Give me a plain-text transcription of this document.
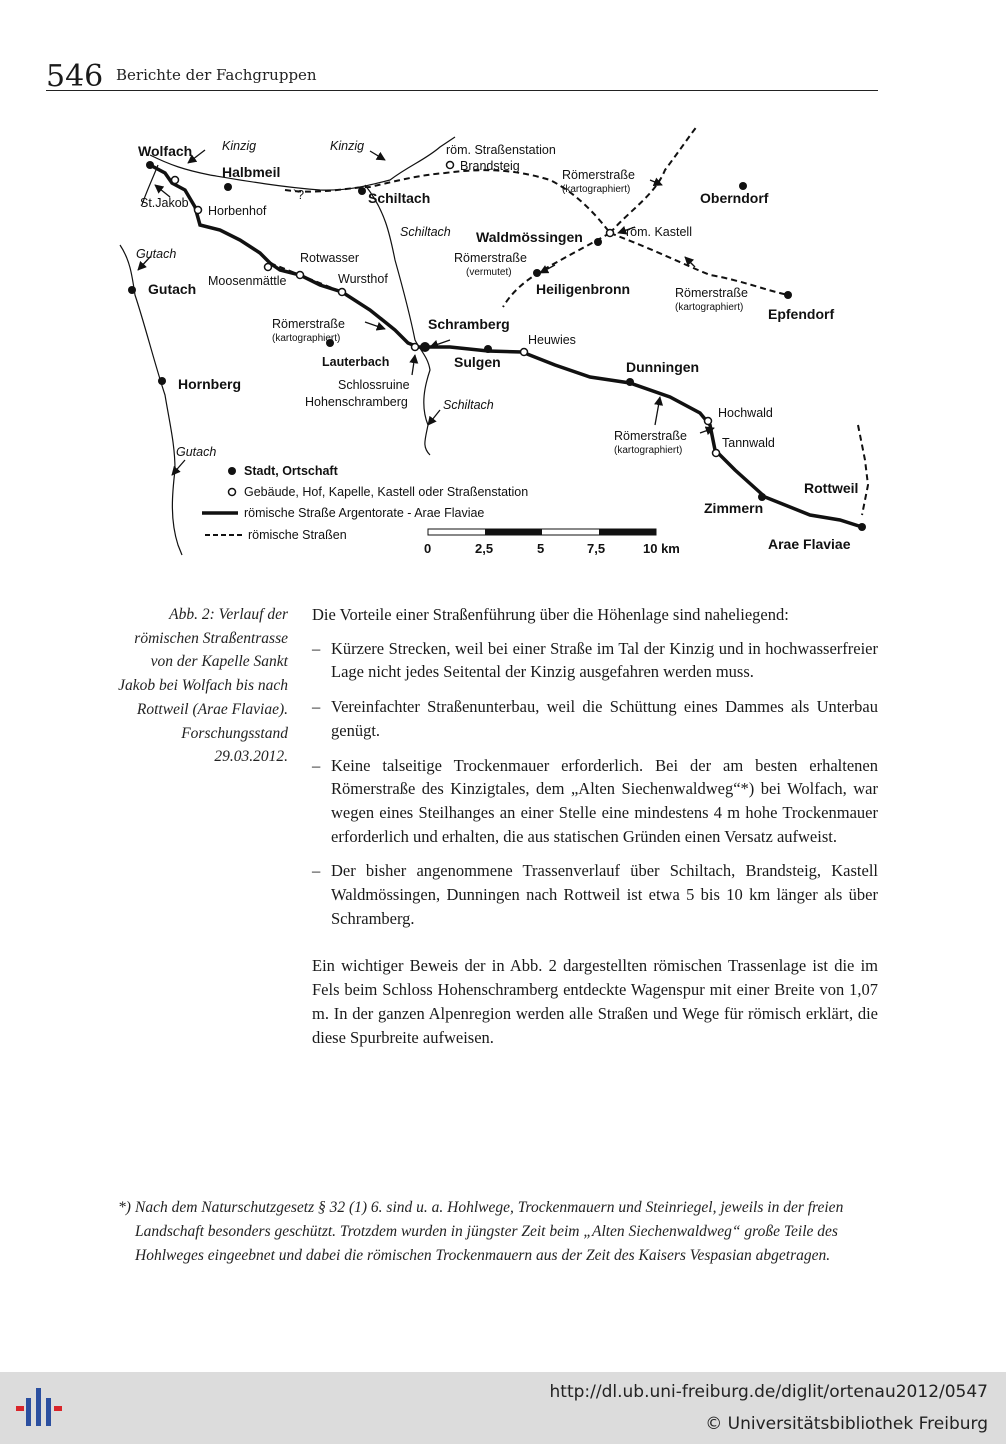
546 Berichte der Fachgruppen
Wolfach
Halbmeil
Schiltach
Waldmössingen
Oberndorf
Heiligenbronn
Epfendorf
Gutach
Hornberg
Schramberg
Lauterbach	Sulgen	Dunningen
Zimmern
Rottweil
Arae Flaviae
St.Jakob
Horbenhof
Moosenmättle
Rotwasser
Wursthof
röm. Straßenstation
Brandsteig
röm. Kastell
Heuwies
Hochwald
Tannwald
Schlossruine
Hohenschramberg
Kinzig	Kinzig
Schiltach
Gutach
Gutach
Schiltach
Römerstraße
(kartographiert)
Römerstraße
(vermutet)
Römerstraße
(kartographiert)
Römerstraße
(kartographiert)
Römerstraße
(kartographiert)
`?
Stadt, Ortschaft
Gebäude, Hof, Kapelle, Kastell oder Straßenstation
römische Straße Argentorate - Arae Flaviae
römische Straßen
0	2,5	5	7,5	10 km
Abb. 2: Verlauf der römischen Straßentrasse von der Kapelle Sankt Jakob bei Wolfach bis nach Rottweil (Arae Flaviae). Forschungsstand 29.03.2012.

Die Vorteile einer Straßenführung über die Höhenlage sind naheliegend:

– Kürzere Strecken, weil bei einer Straße im Tal der Kinzig und in hochwasserfreier Lage nicht jedes Seitental der Kinzig ausgefahren werden muss.
– Vereinfachter Straßenunterbau, weil die Schüttung eines Dammes als Unterbau genügt.
– Keine talseitige Trockenmauer erforderlich. Bei der am besten erhaltenen Römerstraße des Kinzigtales, dem „Alten Siechenwaldweg“*) bei Wolfach, war wegen eines Steilhanges an einer Stelle eine mindestens 4 m hohe Trockenmauer erforderlich und erhalten, die aus statischen Gründen einen Versatz aufweist.
– Der bisher angenommene Trassenverlauf über Schiltach, Brandsteig, Kastell Waldmössingen, Dunningen nach Rottweil ist etwa 5 bis 10 km länger als über Schramberg.

Ein wichtiger Beweis der in Abb. 2 dargestellten römischen Trassenlage ist die im Fels beim Schloss Hohenschramberg entdeckte Wagenspur mit einer Breite von 1,07 m. In der ganzen Alpenregion werden alle Straßen und Wege für römisch erklärt, die diese Spurbreite aufweisen.

*) Nach dem Naturschutzgesetz § 32 (1) 6. sind u. a. Hohlwege, Trockenmauern und Steinriegel, jeweils in der freien Landschaft besonders geschützt. Trotzdem wurden in jüngster Zeit beim „Alten Siechenwaldweg“ große Teile des Hohlweges eingeebnet und dabei die römischen Trockenmauern aus der Zeit des Kaisers Vespasian abgetragen.
http://dl.ub.uni-freiburg.de/diglit/ortenau2012/0547
© Universitätsbibliothek Freiburg
